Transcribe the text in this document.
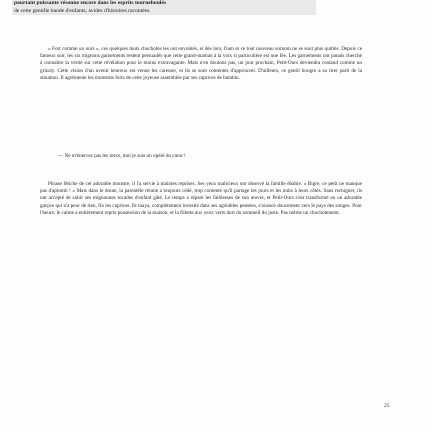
pourtant puissante résonne encore dans les esprits tourneboulés
de cette gentille bande d'enfants, avides d'histoires racontées.

« Fort comme un ours », ces quelques mots chuchotés les ont envoûtés, et dès lors, l'iam et ce tout nouveau surnom ne se sont plus quittés. Depuis ce fameux soir, les six mignons garnements restent persuadés que cette grand-maman à la voix si particulière est une fée. Les garnements ont jamais cherché à connaître la vérité sur cette révélation pour le moins extravagante. Mais n'en doutons pas, un jour prochain, Petit-Ours deviendra costaud comme un grizzly. Cette vision d'un avenir heureux est venue les caresser, et ils se sont contentés d'approuver. D'ailleurs, ce gentil bougre a su tirer parti de la situation. Il agrémente les moments forts de cette joyeuse assemblée par ses caprices de bambin.

— Ne m'énervez pas les mecs, moi je suis un opéré du cœur !

Phrase fétiche de cet adorable monstre, il l'a servie à maintes reprises. Ses yeux malicieux ont observé la famille ébahie. « Bigre, ce petit ne manque pas d'aplomb ! » Mais dans le doute, la parentèle réunie a toujours cédé, trop contente qu'il partage les jours et les nuits à leurs côtés. Sans rechigner, ils ont accepté de subir ses mignonnes tocades d'enfant gâté. Le temps a réparé les faiblesses de son œuvre, et Petit-Ours s'est transformé en un adorable garçon qui n'a peur de rien, fin les caprices. Et inaya, complètement investie dans ses agréables pensées, s'avance doucement vers le pays des songes. Pour l'heure, le calme a entièrement repris possession de la maison, et la fillette aux yeux verts dort du sommeil du juste. Pas même un chuchotement.

25
